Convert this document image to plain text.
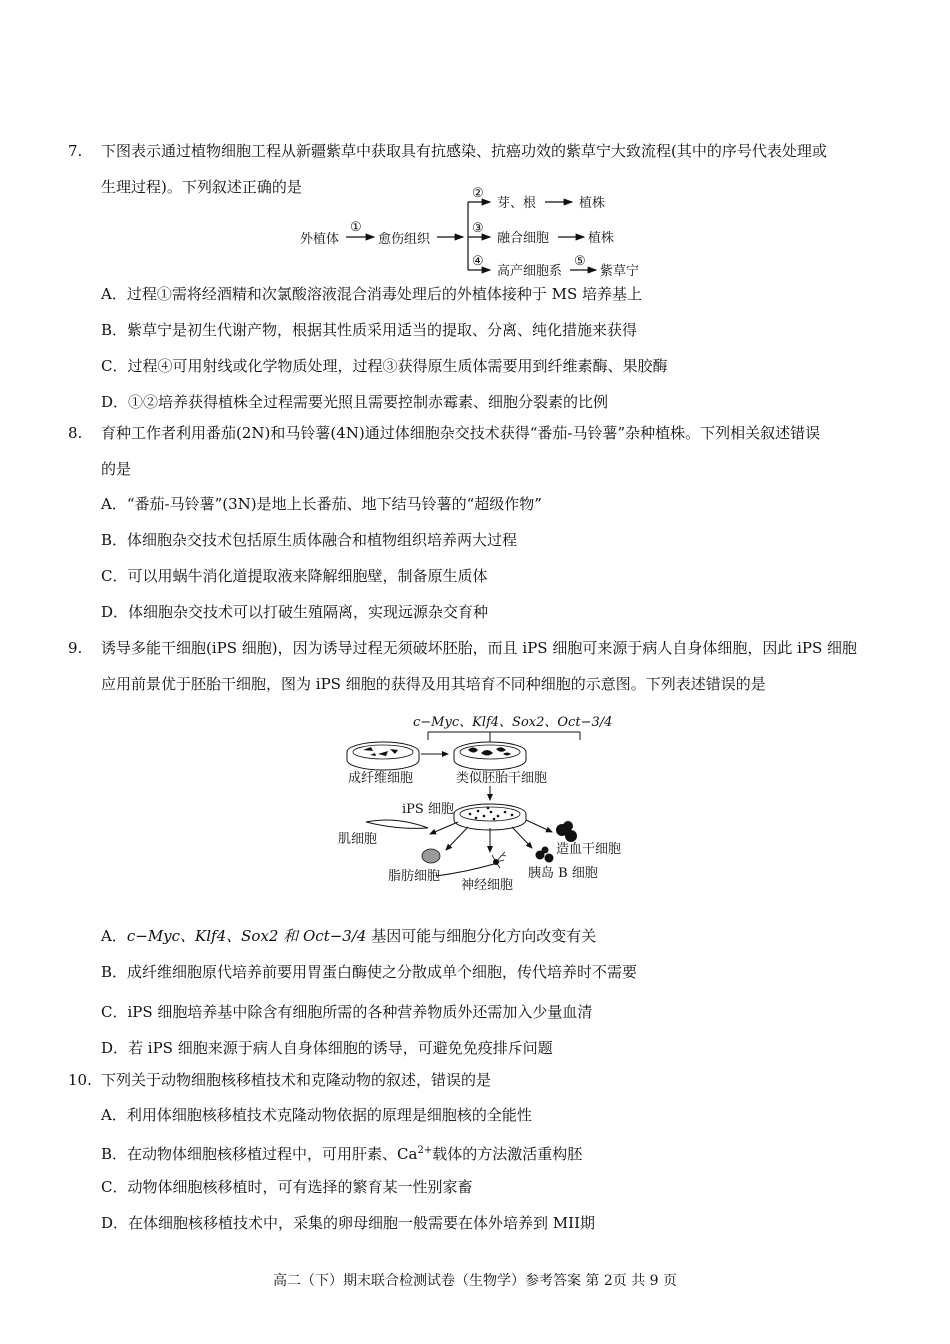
7. 下图表示通过植物细胞工程从新疆紫草中获取具有抗感染、抗癌功效的紫草宁大致流程(其中的序号代表处理或
生理过程)。下列叙述正确的是
外植体
①
愈伤组织
②
③
④
芽、根	植株
融合细胞	植株
高产细胞系
⑤
紫草宁
A．过程①需将经酒精和次氯酸溶液混合消毒处理后的外植体接种于 MS 培养基上
B．紫草宁是初生代谢产物，根据其性质采用适当的提取、分离、纯化措施来获得
C．过程④可用射线或化学物质处理，过程③获得原生质体需要用到纤维素酶、果胶酶
D．①②培养获得植株全过程需要光照且需要控制赤霉素、细胞分裂素的比例
8. 育种工作者利用番茄(2N)和马铃薯(4N)通过体细胞杂交技术获得“番茄-马铃薯”杂种植株。下列相关叙述错误
的是
A．“番茄-马铃薯”(3N)是地上长番茄、地下结马铃薯的“超级作物”
B．体细胞杂交技术包括原生质体融合和植物组织培养两大过程
C．可以用蜗牛消化道提取液来降解细胞壁，制备原生质体
D．体细胞杂交技术可以打破生殖隔离，实现远源杂交育种
9. 诱导多能干细胞(iPS 细胞)，因为诱导过程无须破坏胚胎，而且 iPS 细胞可来源于病人自身体细胞，因此 iPS 细胞
应用前景优于胚胎干细胞，图为 iPS 细胞的获得及用其培育不同种细胞的示意图。下列表述错误的是
c−Myc、Klf4、Sox2、Oct−3/4
成纤维细胞	类似胚胎干细胞
iPS 细胞
肌细胞
脂肪细胞
神经细胞
胰岛 B 细胞
造血干细胞
A．c−Myc、Klf4、Sox2 和 Oct−3/4 基因可能与细胞分化方向改变有关
B．成纤维细胞原代培养前要用胃蛋白酶使之分散成单个细胞，传代培养时不需要
C．iPS 细胞培养基中除含有细胞所需的各种营养物质外还需加入少量血清
D．若 iPS 细胞来源于病人自身体细胞的诱导，可避免免疫排斥问题
10. 下列关于动物细胞核移植技术和克隆动物的叙述，错误的是
A．利用体细胞核移植技术克隆动物依据的原理是细胞核的全能性
B．在动物体细胞核移植过程中，可用肝素、$Ca^{2+}$载体的方法激活重构胚
C．动物体细胞核移植时，可有选择的繁育某一性别家畜
D．在体细胞核移植技术中，采集的卵母细胞一般需要在体外培养到 MII期
高二（下）期末联合检测试卷（生物学）参考答案 第 2页 共 9 页
